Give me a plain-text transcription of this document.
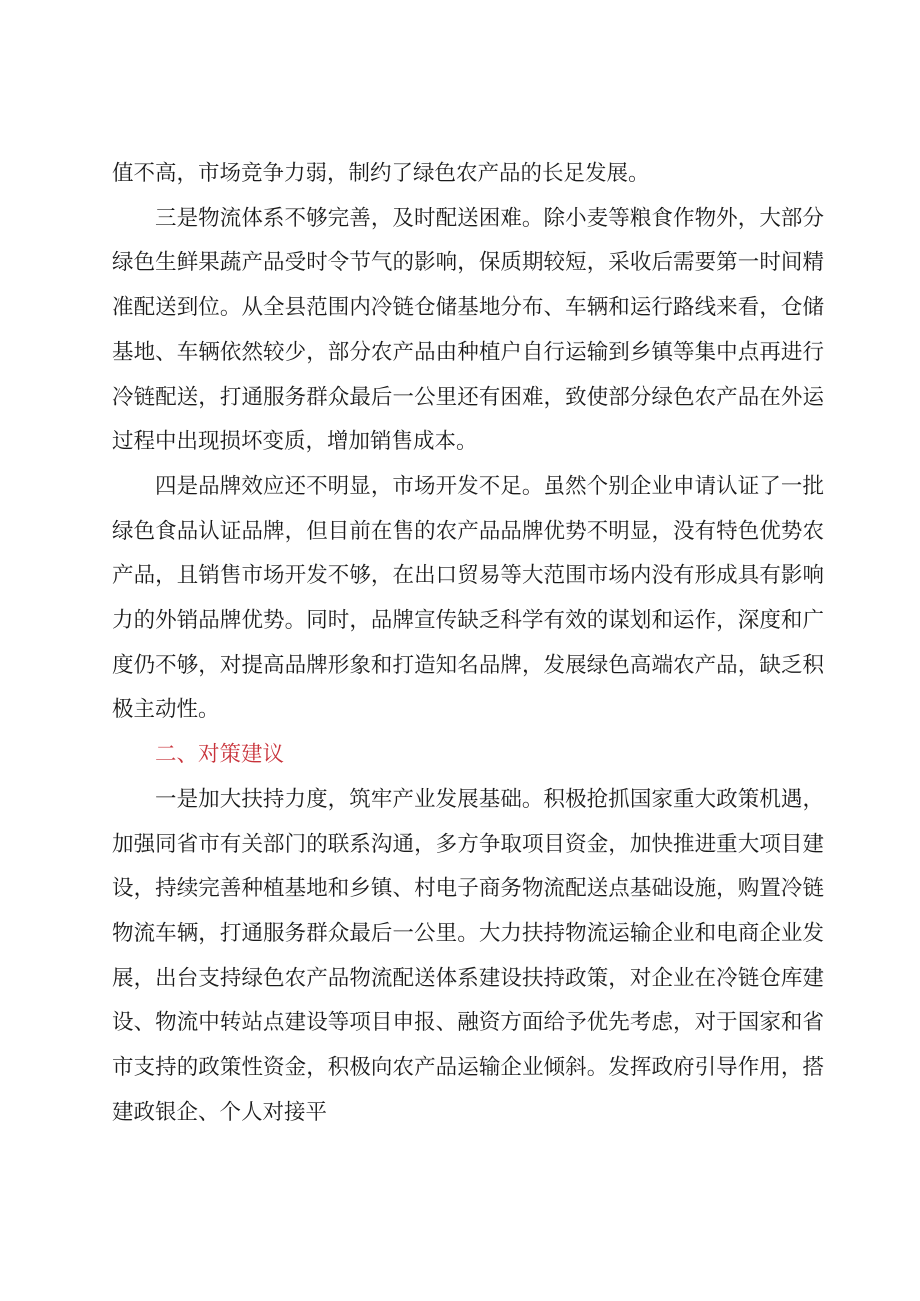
值不高，市场竞争力弱，制约了绿色农产品的长足发展。

三是物流体系不够完善，及时配送困难。除小麦等粮食作物外，大部分绿色生鲜果蔬产品受时令节气的影响，保质期较短，采收后需要第一时间精准配送到位。从全县范围内冷链仓储基地分布、车辆和运行路线来看，仓储基地、车辆依然较少，部分农产品由种植户自行运输到乡镇等集中点再进行冷链配送，打通服务群众最后一公里还有困难，致使部分绿色农产品在外运过程中出现损坏变质，增加销售成本。

四是品牌效应还不明显，市场开发不足。虽然个别企业申请认证了一批绿色食品认证品牌，但目前在售的农产品品牌优势不明显，没有特色优势农产品，且销售市场开发不够，在出口贸易等大范围市场内没有形成具有影响力的外销品牌优势。同时，品牌宣传缺乏科学有效的谋划和运作，深度和广度仍不够，对提高品牌形象和打造知名品牌，发展绿色高端农产品，缺乏积极主动性。

二、对策建议

一是加大扶持力度，筑牢产业发展基础。积极抢抓国家重大政策机遇，加强同省市有关部门的联系沟通，多方争取项目资金，加快推进重大项目建设，持续完善种植基地和乡镇、村电子商务物流配送点基础设施，购置冷链物流车辆，打通服务群众最后一公里。大力扶持物流运输企业和电商企业发展，出台支持绿色农产品物流配送体系建设扶持政策，对企业在冷链仓库建设、物流中转站点建设等项目申报、融资方面给予优先考虑，对于国家和省市支持的政策性资金，积极向农产品运输企业倾斜。发挥政府引导作用，搭建政银企、个人对接平
